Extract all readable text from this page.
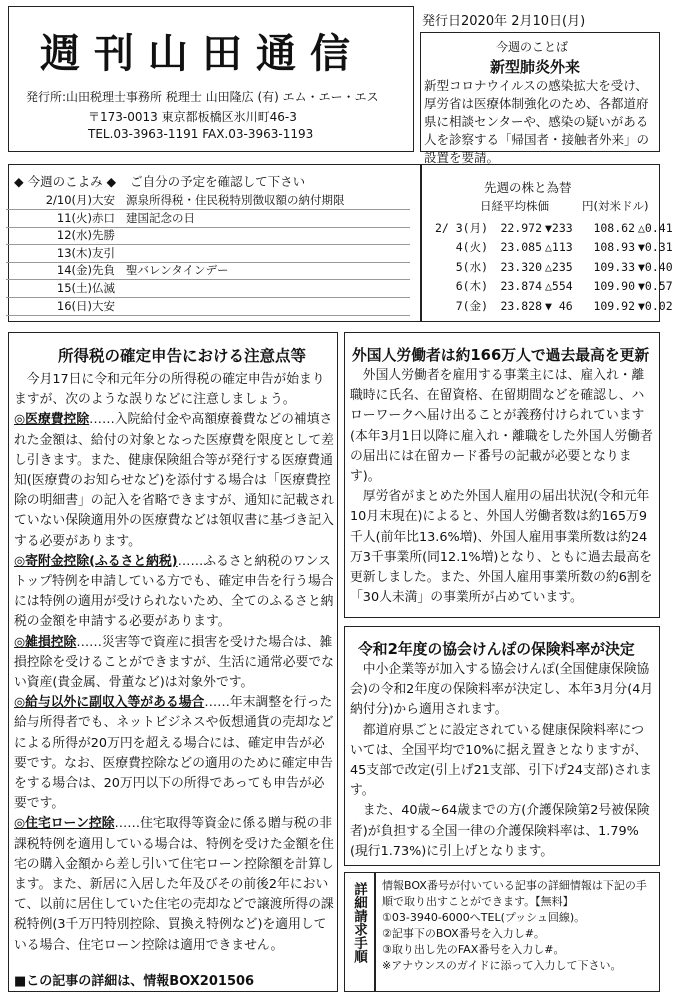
週刊山田通信
発行所:山田税理士事務所 税理士 山田隆広 (有) エム・エー・エス
〒173-0013 東京都板橋区氷川町46-3
TEL.03-3963-1191 FAX.03-3963-1193
発行日2020年 2月10日(月)
今週のことば
新型肺炎外来
新型コロナウイルスの感染拡大を受け、厚労省は医療体制強化のため、各都道府県に相談センターや、感染の疑いがある人を診察する「帰国者・接触者外来」の設置を要請。
◆ 今週のこよみ ◆ ご自分の予定を確認して下さい
2/10(月)大安 源泉所得税・住民税特別徴収額の納付期限
11(火)赤口 建国記念の日
12(水)先勝
13(木)友引
14(金)先負 聖バレンタインデー
15(土)仏滅
16(日)大安
先週の株と為替
日経平均株価	円(対米ドル)
2/ 3(月) 22.972 ▼233 108.62 △0.41
4(火) 23.085 △113 108.93 ▼0.31
5(水) 23.320 △235 109.33 ▼0.40
6(木) 23.874 △554 109.90 ▼0.57
7(金) 23.828 ▼ 46 109.92 ▼0.02
所得税の確定申告における注意点等

今月17日に令和元年分の所得税の確定申告が始まりますが、次のような誤りなどに注意しましょう。

◎医療費控除……入院給付金や高額療養費などの補填された金額は、給付の対象となった医療費を限度として差し引きます。また、健康保険組合等が発行する医療費通知(医療費のお知らせなど)を添付する場合は「医療費控除の明細書」の記入を省略できますが、通知に記載されていない保険適用外の医療費などは領収書に基づき記入する必要があります。

◎寄附金控除(ふるさと納税)……ふるさと納税のワンストップ特例を申請している方でも、確定申告を行う場合には特例の適用が受けられないため、全てのふるさと納税の金額を申請する必要があります。

◎雑損控除……災害等で資産に損害を受けた場合は、雑損控除を受けることができますが、生活に通常必要でない資産(貴金属、骨董など)は対象外です。

◎給与以外に副収入等がある場合……年末調整を行った給与所得者でも、ネットビジネスや仮想通貨の売却などによる所得が20万円を超える場合には、確定申告が必要です。なお、医療費控除などの適用のために確定申告をする場合は、20万円以下の所得であっても申告が必要です。

◎住宅ローン控除……住宅取得等資金に係る贈与税の非課税特例を適用している場合は、特例を受けた金額を住宅の購入金額から差し引いて住宅ローン控除額を計算します。また、新居に入居した年及びその前後2年において、以前に居住していた住宅の売却などで譲渡所得の課税特例(3千万円特別控除、買換え特例など)を適用している場合、住宅ローン控除は適用できません。

■この記事の詳細は、情報BOX201506
外国人労働者は約166万人で過去最高を更新

外国人労働者を雇用する事業主には、雇入れ・離職時に氏名、在留資格、在留期間などを確認し、ハローワークへ届け出ることが義務付けられています(本年3月1日以降に雇入れ・離職をした外国人労働者の届出には在留カード番号の記載が必要となります)。

厚労省がまとめた外国人雇用の届出状況(令和元年10月末現在)によると、外国人労働者数は約165万9千人(前年比13.6%増)、外国人雇用事業所数は約24万3千事業所(同12.1%増)となり、ともに過去最高を更新しました。また、外国人雇用事業所数の約6割を「30人未満」の事業所が占めています。

令和2年度の協会けんぽの保険料率が決定

中小企業等が加入する協会けんぽ(全国健康保険協会)の令和2年度の保険料率が決定し、本年3月分(4月納付分)から適用されます。

都道府県ごとに設定されている健康保険料率については、全国平均で10%に据え置きとなりますが、45支部で改定(引上げ21支部、引下げ24支部)されます。

また、40歳~64歳までの方(介護保険第2号被保険者)が負担する全国一律の介護保険料率は、1.79%(現行1.73%)に引上げとなります。

詳細請求手順 情報BOX番号が付いている記事の詳細情報は下記の手順で取り出すことができます。【無料】
①03-3940-6000へTEL(プッシュ回線)。
②記事下のBOX番号を入力し#。
③取り出し先のFAX番号を入力し#。
※アナウンスのガイドに添って入力して下さい。
